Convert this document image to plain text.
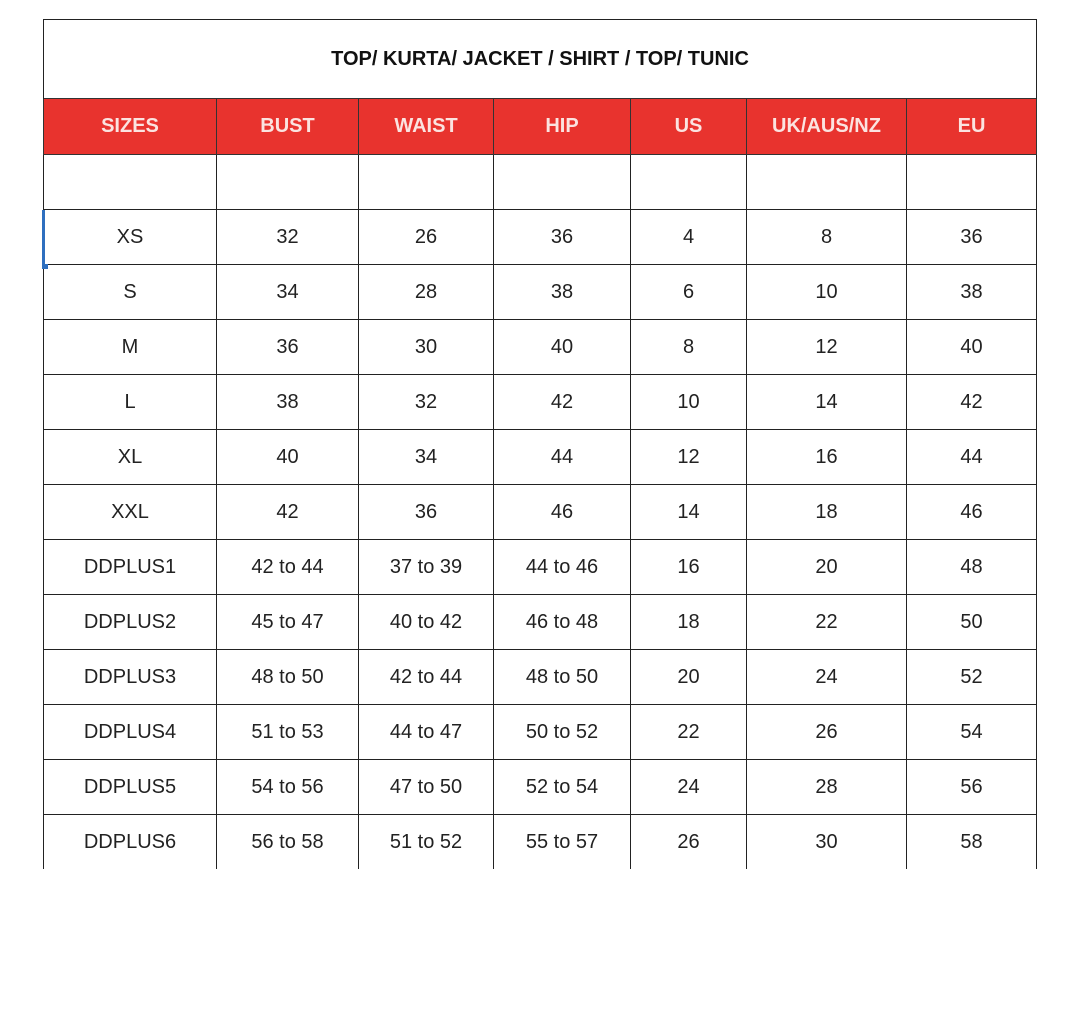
TOP/ KURTA/ JACKET / SHIRT / TOP/ TUNIC						
SIZES	BUST	WAIST	HIP	US	UK/AUS/NZ	EU

XS	32	26	36	4	8	36
S	34	28	38	6	10	38
M	36	30	40	8	12	40
L	38	32	42	10	14	42
XL	40	34	44	12	16	44
XXL	42	36	46	14	18	46
DDPLUS1	42 to 44	37 to 39	44 to 46	16	20	48
DDPLUS2	45 to 47	40 to 42	46 to 48	18	22	50
DDPLUS3	48 to 50	42 to 44	48 to 50	20	24	52
DDPLUS4	51 to 53	44 to 47	50 to 52	22	26	54
DDPLUS5	54 to 56	47 to 50	52 to 54	24	28	56
DDPLUS6	56 to 58	51 to 52	55 to 57	26	30	58
